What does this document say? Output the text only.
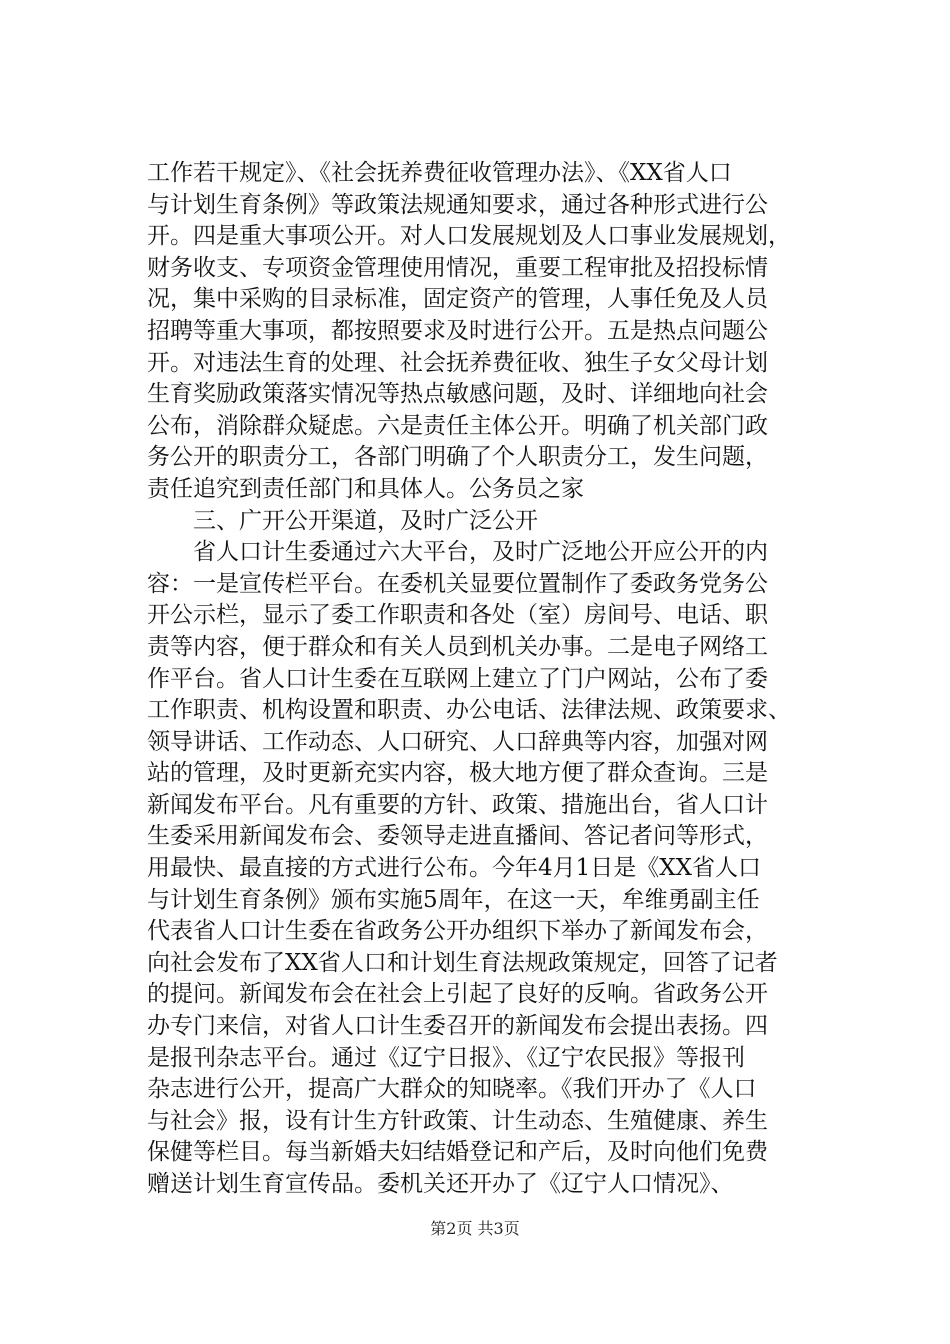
工作若干规定》、《社会抚养费征收管理办法》、《XX省人口
与计划生育条例》等政策法规通知要求，通过各种形式进行公
开。四是重大事项公开。对人口发展规划及人口事业发展规划，
财务收支、专项资金管理使用情况，重要工程审批及招投标情
况，集中采购的目录标准，固定资产的管理，人事任免及人员
招聘等重大事项，都按照要求及时进行公开。五是热点问题公
开。对违法生育的处理、社会抚养费征收、独生子女父母计划
生育奖励政策落实情况等热点敏感问题，及时、详细地向社会
公布，消除群众疑虑。六是责任主体公开。明确了机关部门政
务公开的职责分工，各部门明确了个人职责分工，发生问题，
责任追究到责任部门和具体人。公务员之家
三、广开公开渠道，及时广泛公开
省人口计生委通过六大平台，及时广泛地公开应公开的内
容：一是宣传栏平台。在委机关显要位置制作了委政务党务公
开公示栏，显示了委工作职责和各处（室）房间号、电话、职
责等内容，便于群众和有关人员到机关办事。二是电子网络工
作平台。省人口计生委在互联网上建立了门户网站，公布了委
工作职责、机构设置和职责、办公电话、法律法规、政策要求、
领导讲话、工作动态、人口研究、人口辞典等内容，加强对网
站的管理，及时更新充实内容，极大地方便了群众查询。三是
新闻发布平台。凡有重要的方针、政策、措施出台，省人口计
生委采用新闻发布会、委领导走进直播间、答记者问等形式，
用最快、最直接的方式进行公布。今年4月1日是《XX省人口
与计划生育条例》颁布实施5周年，在这一天，牟维勇副主任
代表省人口计生委在省政务公开办组织下举办了新闻发布会，
向社会发布了XX省人口和计划生育法规政策规定，回答了记者
的提问。新闻发布会在社会上引起了良好的反响。省政务公开
办专门来信，对省人口计生委召开的新闻发布会提出表扬。四
是报刊杂志平台。通过《辽宁日报》、《辽宁农民报》等报刊
杂志进行公开，提高广大群众的知晓率。《我们开办了《人口
与社会》报，设有计生方针政策、计生动态、生殖健康、养生
保健等栏目。每当新婚夫妇结婚登记和产后，及时向他们免费
赠送计划生育宣传品。委机关还开办了《辽宁人口情况》、
第2页 共3页
